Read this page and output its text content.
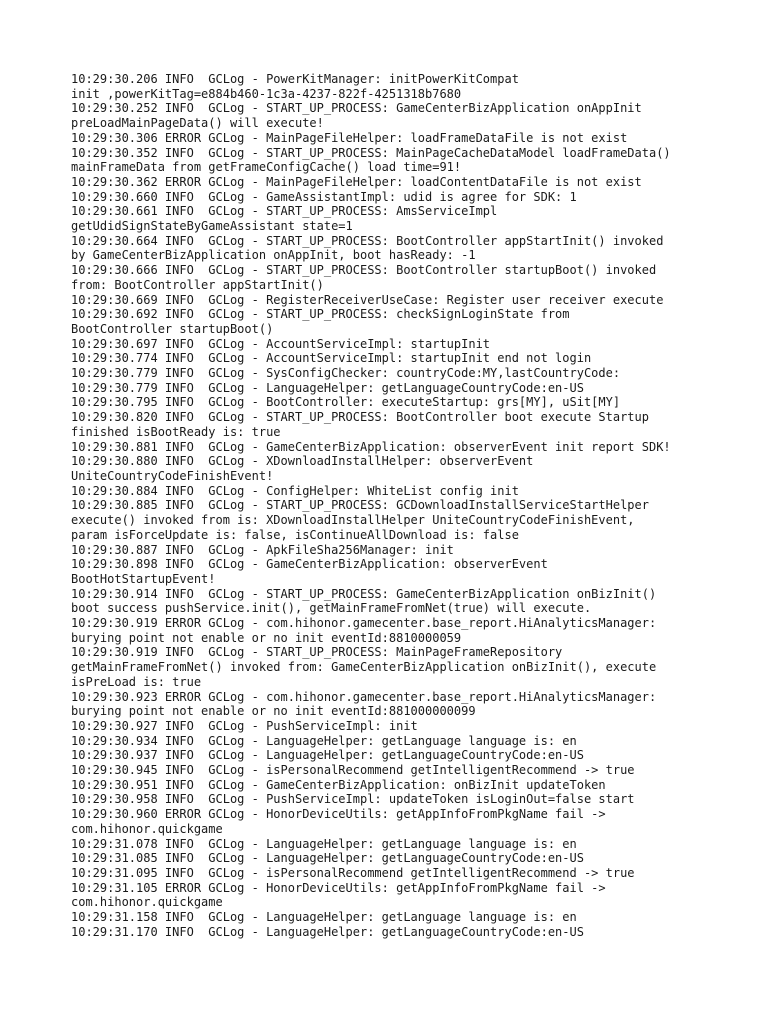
10:29:30.206 INFO  GCLog - PowerKitManager: initPowerKitCompat
init ,powerKitTag=e884b460-1c3a-4237-822f-4251318b7680
10:29:30.252 INFO  GCLog - START_UP_PROCESS: GameCenterBizApplication onAppInit
preLoadMainPageData() will execute!
10:29:30.306 ERROR GCLog - MainPageFileHelper: loadFrameDataFile is not exist
10:29:30.352 INFO  GCLog - START_UP_PROCESS: MainPageCacheDataModel loadFrameData()
mainFrameData from getFrameConfigCache() load time=91!
10:29:30.362 ERROR GCLog - MainPageFileHelper: loadContentDataFile is not exist
10:29:30.660 INFO  GCLog - GameAssistantImpl: udid is agree for SDK: 1
10:29:30.661 INFO  GCLog - START_UP_PROCESS: AmsServiceImpl
getUdidSignStateByGameAssistant state=1
10:29:30.664 INFO  GCLog - START_UP_PROCESS: BootController appStartInit() invoked
by GameCenterBizApplication onAppInit, boot hasReady: -1
10:29:30.666 INFO  GCLog - START_UP_PROCESS: BootController startupBoot() invoked
from: BootController appStartInit()
10:29:30.669 INFO  GCLog - RegisterReceiverUseCase: Register user receiver execute
10:29:30.692 INFO  GCLog - START_UP_PROCESS: checkSignLoginState from
BootController startupBoot()
10:29:30.697 INFO  GCLog - AccountServiceImpl: startupInit
10:29:30.774 INFO  GCLog - AccountServiceImpl: startupInit end not login
10:29:30.779 INFO  GCLog - SysConfigChecker: countryCode:MY,lastCountryCode:
10:29:30.779 INFO  GCLog - LanguageHelper: getLanguageCountryCode:en-US
10:29:30.795 INFO  GCLog - BootController: executeStartup: grs[MY], uSit[MY]
10:29:30.820 INFO  GCLog - START_UP_PROCESS: BootController boot execute Startup
finished isBootReady is: true
10:29:30.881 INFO  GCLog - GameCenterBizApplication: observerEvent init report SDK!
10:29:30.880 INFO  GCLog - XDownloadInstallHelper: observerEvent
UniteCountryCodeFinishEvent!
10:29:30.884 INFO  GCLog - ConfigHelper: WhiteList config init
10:29:30.885 INFO  GCLog - START_UP_PROCESS: GCDownloadInstallServiceStartHelper
execute() invoked from is: XDownloadInstallHelper UniteCountryCodeFinishEvent,
param isForceUpdate is: false, isContinueAllDownload is: false
10:29:30.887 INFO  GCLog - ApkFileSha256Manager: init
10:29:30.898 INFO  GCLog - GameCenterBizApplication: observerEvent
BootHotStartupEvent!
10:29:30.914 INFO  GCLog - START_UP_PROCESS: GameCenterBizApplication onBizInit()
boot success pushService.init(), getMainFrameFromNet(true) will execute.
10:29:30.919 ERROR GCLog - com.hihonor.gamecenter.base_report.HiAnalyticsManager:
burying point not enable or no init eventId:8810000059
10:29:30.919 INFO  GCLog - START_UP_PROCESS: MainPageFrameRepository
getMainFrameFromNet() invoked from: GameCenterBizApplication onBizInit(), execute
isPreLoad is: true
10:29:30.923 ERROR GCLog - com.hihonor.gamecenter.base_report.HiAnalyticsManager:
burying point not enable or no init eventId:881000000099
10:29:30.927 INFO  GCLog - PushServiceImpl: init
10:29:30.934 INFO  GCLog - LanguageHelper: getLanguage language is: en
10:29:30.937 INFO  GCLog - LanguageHelper: getLanguageCountryCode:en-US
10:29:30.945 INFO  GCLog - isPersonalRecommend getIntelligentRecommend -> true
10:29:30.951 INFO  GCLog - GameCenterBizApplication: onBizInit updateToken
10:29:30.958 INFO  GCLog - PushServiceImpl: updateToken isLoginOut=false start
10:29:30.960 ERROR GCLog - HonorDeviceUtils: getAppInfoFromPkgName fail ->
com.hihonor.quickgame
10:29:31.078 INFO  GCLog - LanguageHelper: getLanguage language is: en
10:29:31.085 INFO  GCLog - LanguageHelper: getLanguageCountryCode:en-US
10:29:31.095 INFO  GCLog - isPersonalRecommend getIntelligentRecommend -> true
10:29:31.105 ERROR GCLog - HonorDeviceUtils: getAppInfoFromPkgName fail ->
com.hihonor.quickgame
10:29:31.158 INFO  GCLog - LanguageHelper: getLanguage language is: en
10:29:31.170 INFO  GCLog - LanguageHelper: getLanguageCountryCode:en-US
